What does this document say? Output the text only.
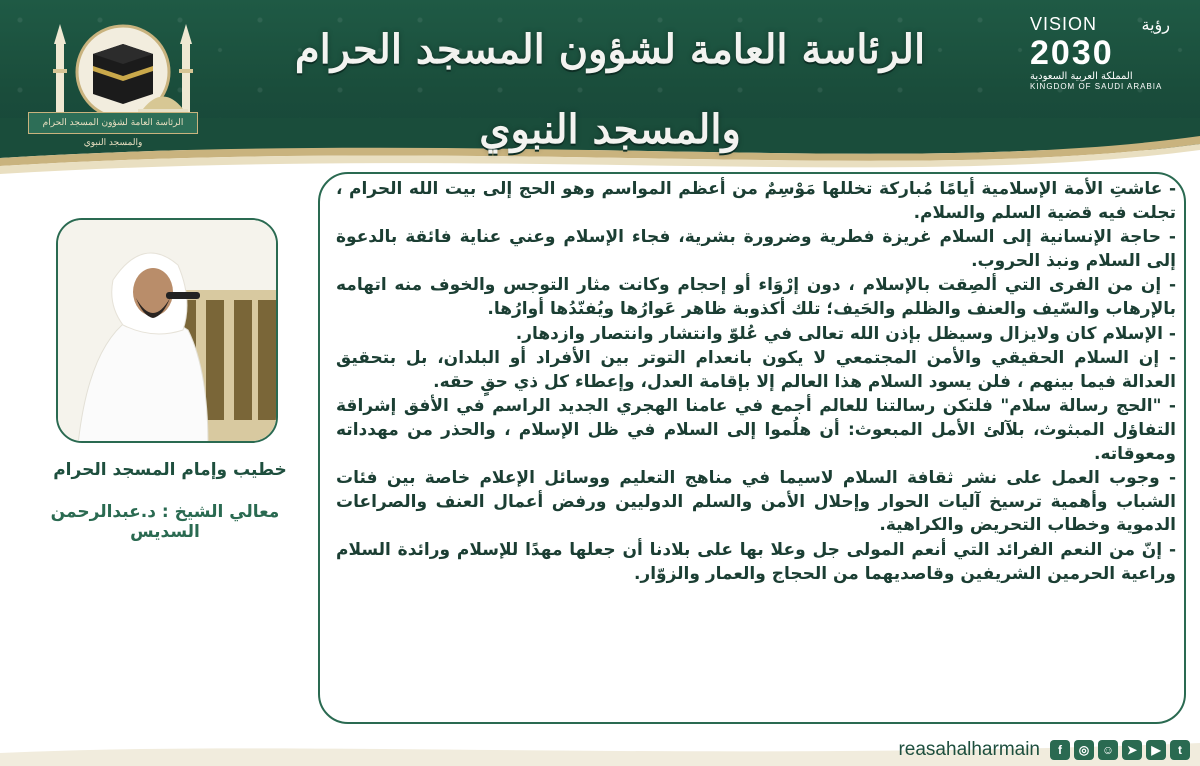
الرئاسة العامة لشؤون المسجد الحرام والمسجد النبوي
VISION	رؤية
2030
المملكة العربية السعودية
KINGDOM OF SAUDI ARABIA
الرئاسة العامة لشؤون المسجد الحرام والمسجد النبوي

- عاشتِ الأمة الإسلامية أيامًا مُباركة تخللها مَوْسِمٌ من أعظم المواسم وهو الحج إلى بيت الله الحرام ، تجلت فيه قضية السلم والسلام.

- حاجة الإنسانية إلى السلام غريزة فطرية وضرورة بشرية، فجاء الإسلام وعني عناية فائقة بالدعوة إلى السلام ونبذ الحروب.

- إن من الفرى التي ألصِقت بالإسلام ، دون إرْوَاء أو إحجام وكانت مثار التوجس والخوف منه اتهامه بالإرهاب والسّيف والعنف والظلم والحَيف؛ تلك أكذوبة ظاهر عَوارُها ويُفنّدُها أوارُها.

- الإسلام كان ولايزال وسيظل بإذن الله تعالى في عُلوّ وانتشار وانتصار وازدهار.

- إن السلام الحقيقي والأمن المجتمعي لا يكون بانعدام التوتر بين الأفراد أو البلدان، بل بتحقيق العدالة فيما بينهم ، فلن يسود السلام هذا العالم إلا بإقامة العدل، وإعطاء كل ذي حقٍ حقه.

- "الحج رسالة سلام" فلتكن رسالتنا للعالم أجمع في عامنا الهجري الجديد الراسم في الأفق إشراقة التفاؤل المبثوث، بلآلئ الأمل المبعوث: أن هلُموا إلى السلام في ظل الإسلام ، والحذر من مهدداته ومعوقاته.

- وجوب العمل على نشر ثقافة السلام لاسيما في مناهج التعليم ووسائل الإعلام خاصة بين فئات الشباب وأهمية ترسيخ آليات الحوار وإحلال الأمن والسلم الدوليين ورفض أعمال العنف والصراعات الدموية وخطاب التحريض والكراهية.

- إنّ من النعم الفرائد التي أنعم المولى جل وعلا بها على بلادنا أن جعلها مهدًا للإسلام ورائدة السلام وراعية الحرمين الشريفين وقاصديهما من الحجاج والعمار والزوّار.

خطيب وإمام المسجد الحرام
معالي الشيخ : د.عبدالرحمن السديس
reasahalharmain	f	◎	☺	➤	▶	t
